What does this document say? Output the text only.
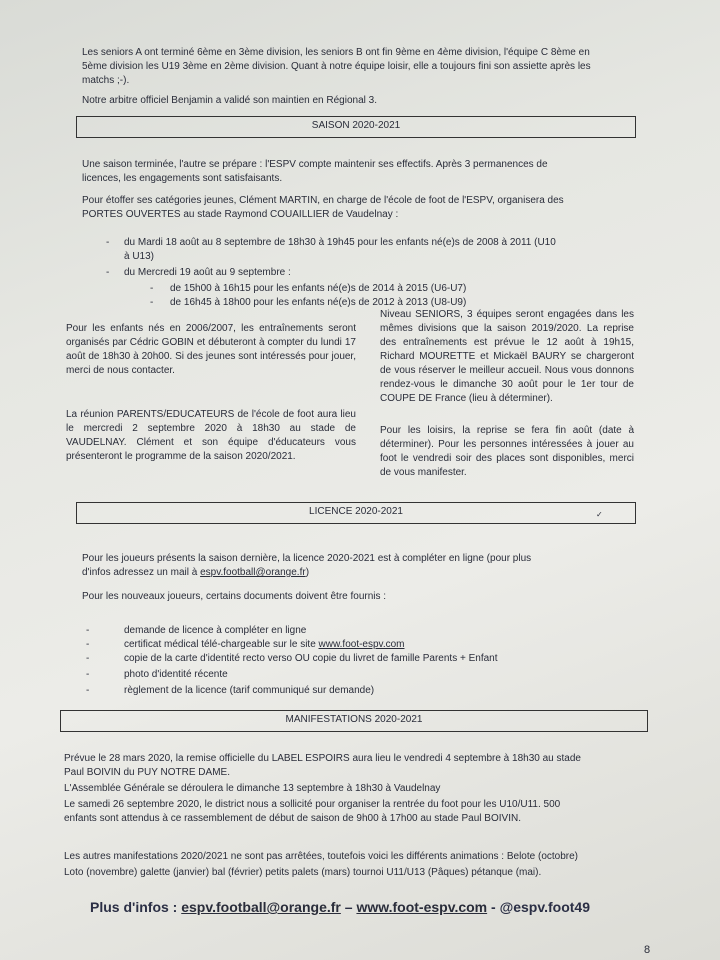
Les seniors A ont terminé 6ème en 3ème division, les seniors B ont fin 9ème en 4ème division, l'équipe C 8ème en

5ème division les U19 3ème en 2ème division. Quant à notre équipe loisir, elle a toujours fini son assiette après les

matchs ;-).

Notre arbitre officiel Benjamin a validé son maintien en Régional 3.

SAISON 2020-2021

Une saison terminée, l'autre se prépare : l'ESPV compte maintenir ses effectifs. Après 3 permanences de

licences, les engagements sont satisfaisants.

Pour étoffer ses catégories jeunes, Clément MARTIN, en charge de l'école de foot de l'ESPV, organisera des

PORTES OUVERTES au stade Raymond COUAILLIER de Vaudelnay :

- du Mardi 18 août au 8 septembre de 18h30 à 19h45 pour les enfants né(e)s de 2008 à 2011 (U10

à U13)

- du Mercredi 19 août au 9 septembre :

- de 15h00 à 16h15 pour les enfants né(e)s de 2014 à 2015 (U6-U7)

- de 16h45 à 18h00 pour les enfants né(e)s de 2012 à 2013 (U8-U9)

Pour les enfants nés en 2006/2007, les entraînements seront organisés par Cédric GOBIN et débuteront à compter du lundi 17 août de 18h30 à 20h00. Si des jeunes sont intéressés pour jouer, merci de nous contacter.

La réunion PARENTS/EDUCATEURS de l'école de foot aura lieu le mercredi 2 septembre 2020 à 18h30 au stade de VAUDELNAY. Clément et son équipe d'éducateurs vous présenteront le programme de la saison 2020/2021.

Niveau SENIORS, 3 équipes seront engagées dans les mêmes divisions que la saison 2019/2020. La reprise des entraînements est prévue le 12 août à 19h15, Richard MOURETTE et Mickaël BAURY se chargeront de vous réserver le meilleur accueil. Nous vous donnons rendez-vous le dimanche 30 août pour le 1er tour de COUPE DE France (lieu à déterminer).

Pour les loisirs, la reprise se fera fin août (date à déterminer). Pour les personnes intéressées à jouer au foot le vendredi soir des places sont disponibles, merci de vous manifester.

LICENCE 2020-2021	✓

Pour les joueurs présents la saison dernière, la licence 2020-2021 est à compléter en ligne (pour plus

d'infos adressez un mail à espv.football@orange.fr)

Pour les nouveaux joueurs, certains documents doivent être fournis :

-	demande de licence à compléter en ligne

-	certificat médical télé-chargeable sur le site www.foot-espv.com

-	copie de la carte d'identité recto verso OU copie du livret de famille Parents + Enfant

-	photo d'identité récente

-	règlement de la licence (tarif communiqué sur demande)

MANIFESTATIONS 2020-2021

Prévue le 28 mars 2020, la remise officielle du LABEL ESPOIRS aura lieu le vendredi 4 septembre à 18h30 au stade

Paul BOIVIN du PUY NOTRE DAME.

L'Assemblée Générale se déroulera le dimanche 13 septembre à 18h30 à Vaudelnay

Le samedi 26 septembre 2020, le district nous a sollicité pour organiser la rentrée du foot pour les U10/U11. 500

enfants sont attendus à ce rassemblement de début de saison de 9h00 à 17h00 au stade Paul BOIVIN.

Les autres manifestations 2020/2021 ne sont pas arrêtées, toutefois voici les différents animations : Belote (octobre)

Loto (novembre) galette (janvier) bal (février) petits palets (mars) tournoi U11/U13 (Pâques) pétanque (mai).

Plus d'infos : espv.football@orange.fr – www.foot-espv.com - @espv.foot49
8
